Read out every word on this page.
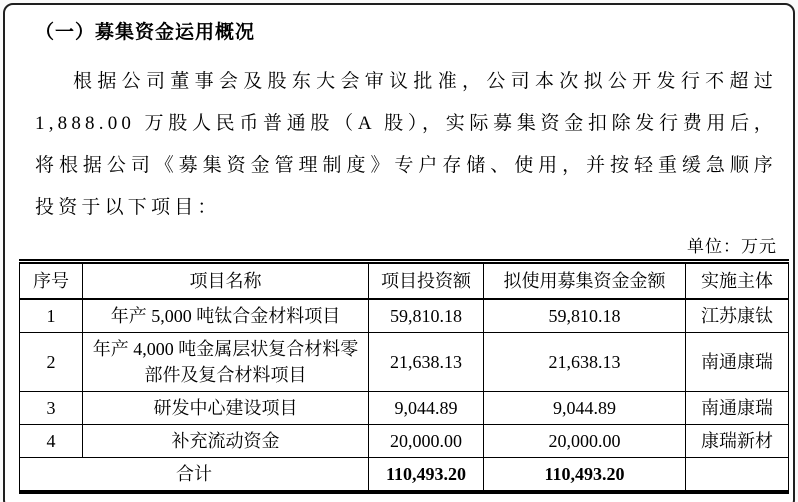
（一）募集资金运用概况

根据公司董事会及股东大会审议批准，公司本次拟公开发行不超过 1,888.00 万股人民币普通股（A 股），实际募集资金扣除发行费用后，将根据公司《募集资金管理制度》专户存储、使用，并按轻重缓急顺序投资于以下项目：

单位：万元
序号	项目名称	项目投资额	拟使用募集资金金额	实施主体
1	年产 5,000 吨钛合金材料项目	59,810.18	59,810.18	江苏康钛
2	年产 4,000 吨金属层状复合材料零部件及复合材料项目	21,638.13	21,638.13	南通康瑞
3	研发中心建设项目	9,044.89	9,044.89	南通康瑞
4	补充流动资金	20,000.00	20,000.00	康瑞新材
合计		110,493.20	110,493.20	
